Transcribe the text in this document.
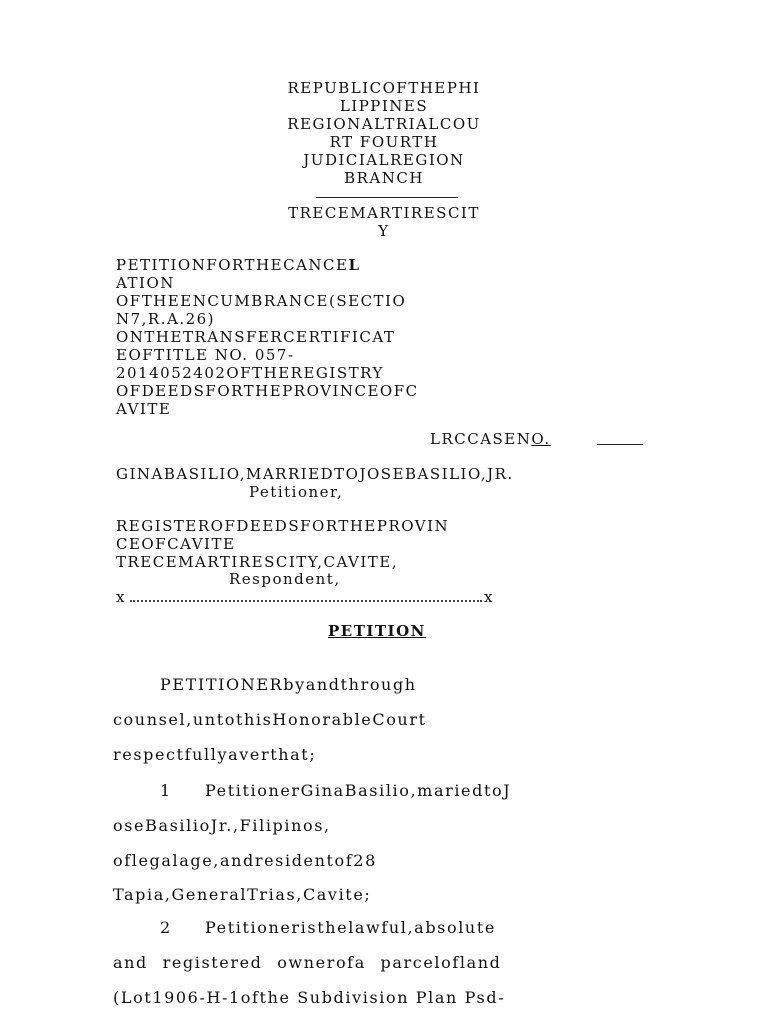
REPUBLICOFTHEPHI
LIPPINES
REGIONALTRIALCOU
RT FOURTH
JUDICIALREGION
BRANCH
TRECEMARTIRESCIT
Y
PETITIONFORTHECANCEL
ATION
OFTHEENCUMBRANCE(SECTIO
N7,R.A.26)
ONTHETRANSFERCERTIFICAT
EOFTITLE NO. 057-
2014052402OFTHEREGISTRY
OFDEEDSFORTHEPROVINCEOFC
AVITE
LRCCASENO.
GINABASILIO,MARRIEDTOJOSEBASILIO,JR.
Petitioner,
REGISTEROFDEEDSFORTHEPROVIN
CEOFCAVITE
TRECEMARTIRESCITY,CAVITE,
Respondent,
x	x
PETITION
PETITIONERbyandthrough
counsel,untothisHonorableCourt
respectfullyaverthat;
1 PetitionerGinaBasilio,mariedtoJ
oseBasilioJr.,Filipinos,
oflegalage,andresidentof28
Tapia,GeneralTrias,Cavite;
2 Petitioneristhelawful,absolute
and registered ownerofa parcelofland
(Lot1906-H-1ofthe Subdivision Plan Psd-
